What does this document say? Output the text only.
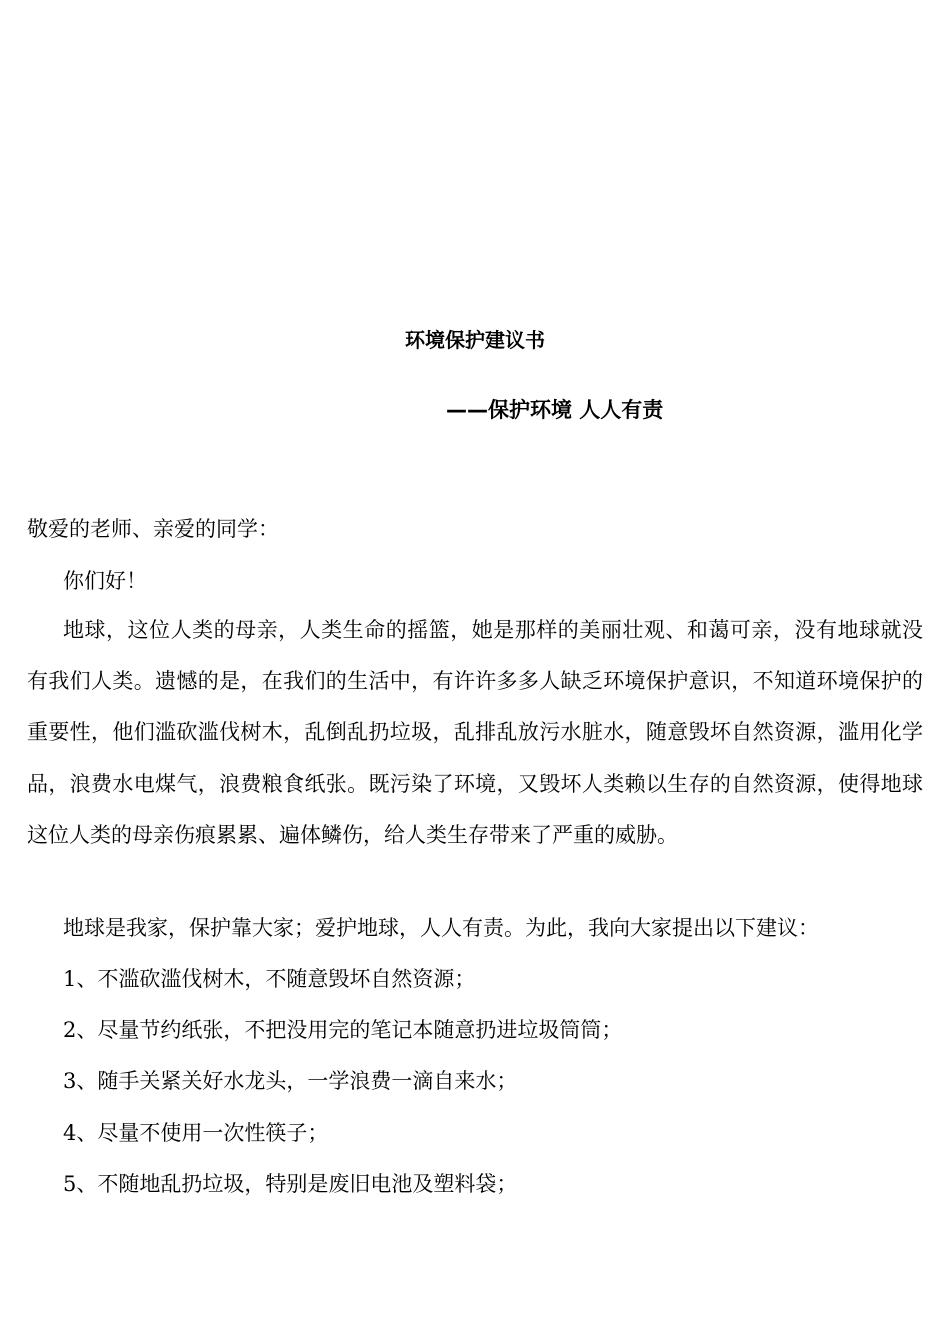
环境保护建议书
——保护环境 人人有责
敬爱的老师、亲爱的同学：
你们好！
地球，这位人类的母亲，人类生命的摇篮，她是那样的美丽壮观、和蔼可亲，没有地球就没有我们人类。遗憾的是，在我们的生活中，有许许多多人缺乏环境保护意识，不知道环境保护的重要性，他们滥砍滥伐树木，乱倒乱扔垃圾，乱排乱放污水脏水，随意毁坏自然资源，滥用化学品，浪费水电煤气，浪费粮食纸张。既污染了环境，又毁坏人类赖以生存的自然资源，使得地球这位人类的母亲伤痕累累、遍体鳞伤，给人类生存带来了严重的威胁。
地球是我家，保护靠大家；爱护地球，人人有责。为此，我向大家提出以下建议：
1、不滥砍滥伐树木，不随意毁坏自然资源；
2、尽量节约纸张，不把没用完的笔记本随意扔进垃圾筒筒；
3、随手关紧关好水龙头，一学浪费一滴自来水；
4、尽量不使用一次性筷子；
5、不随地乱扔垃圾，特别是废旧电池及塑料袋；
